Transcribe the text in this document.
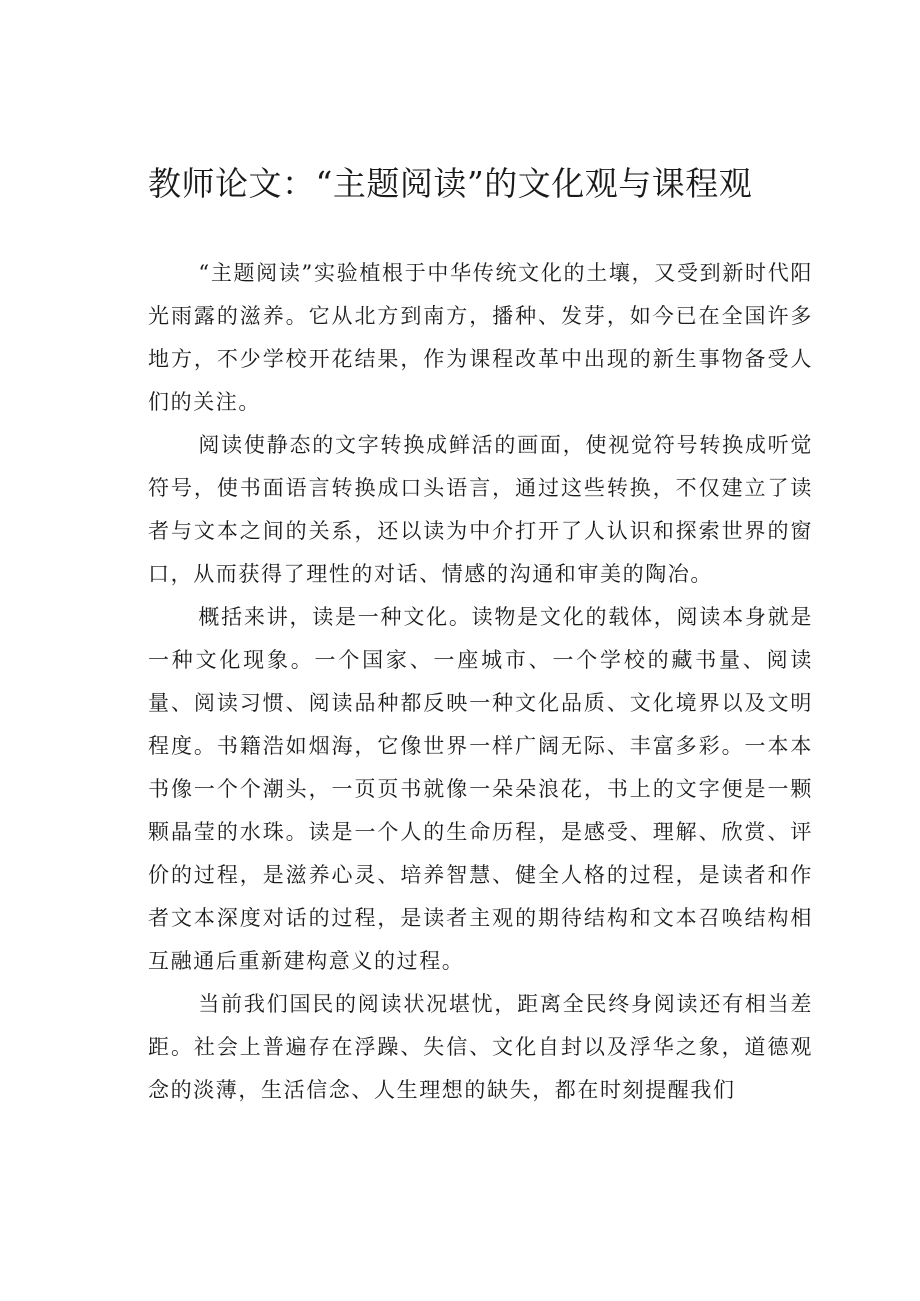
教师论文：“主题阅读”的文化观与课程观

“主题阅读”实验植根于中华传统文化的土壤，又受到新时代阳光雨露的滋养。它从北方到南方，播种、发芽，如今已在全国许多地方，不少学校开花结果，作为课程改革中出现的新生事物备受人们的关注。

阅读使静态的文字转换成鲜活的画面，使视觉符号转换成听觉符号，使书面语言转换成口头语言，通过这些转换，不仅建立了读者与文本之间的关系，还以读为中介打开了人认识和探索世界的窗口，从而获得了理性的对话、情感的沟通和审美的陶冶。

概括来讲，读是一种文化。读物是文化的载体，阅读本身就是一种文化现象。一个国家、一座城市、一个学校的藏书量、阅读量、阅读习惯、阅读品种都反映一种文化品质、文化境界以及文明程度。书籍浩如烟海，它像世界一样广阔无际、丰富多彩。一本本书像一个个潮头，一页页书就像一朵朵浪花，书上的文字便是一颗颗晶莹的水珠。读是一个人的生命历程，是感受、理解、欣赏、评价的过程，是滋养心灵、培养智慧、健全人格的过程，是读者和作者文本深度对话的过程，是读者主观的期待结构和文本召唤结构相互融通后重新建构意义的过程。

当前我们国民的阅读状况堪忧，距离全民终身阅读还有相当差距。社会上普遍存在浮躁、失信、文化自封以及浮华之象，道德观念的淡薄，生活信念、人生理想的缺失，都在时刻提醒我们
